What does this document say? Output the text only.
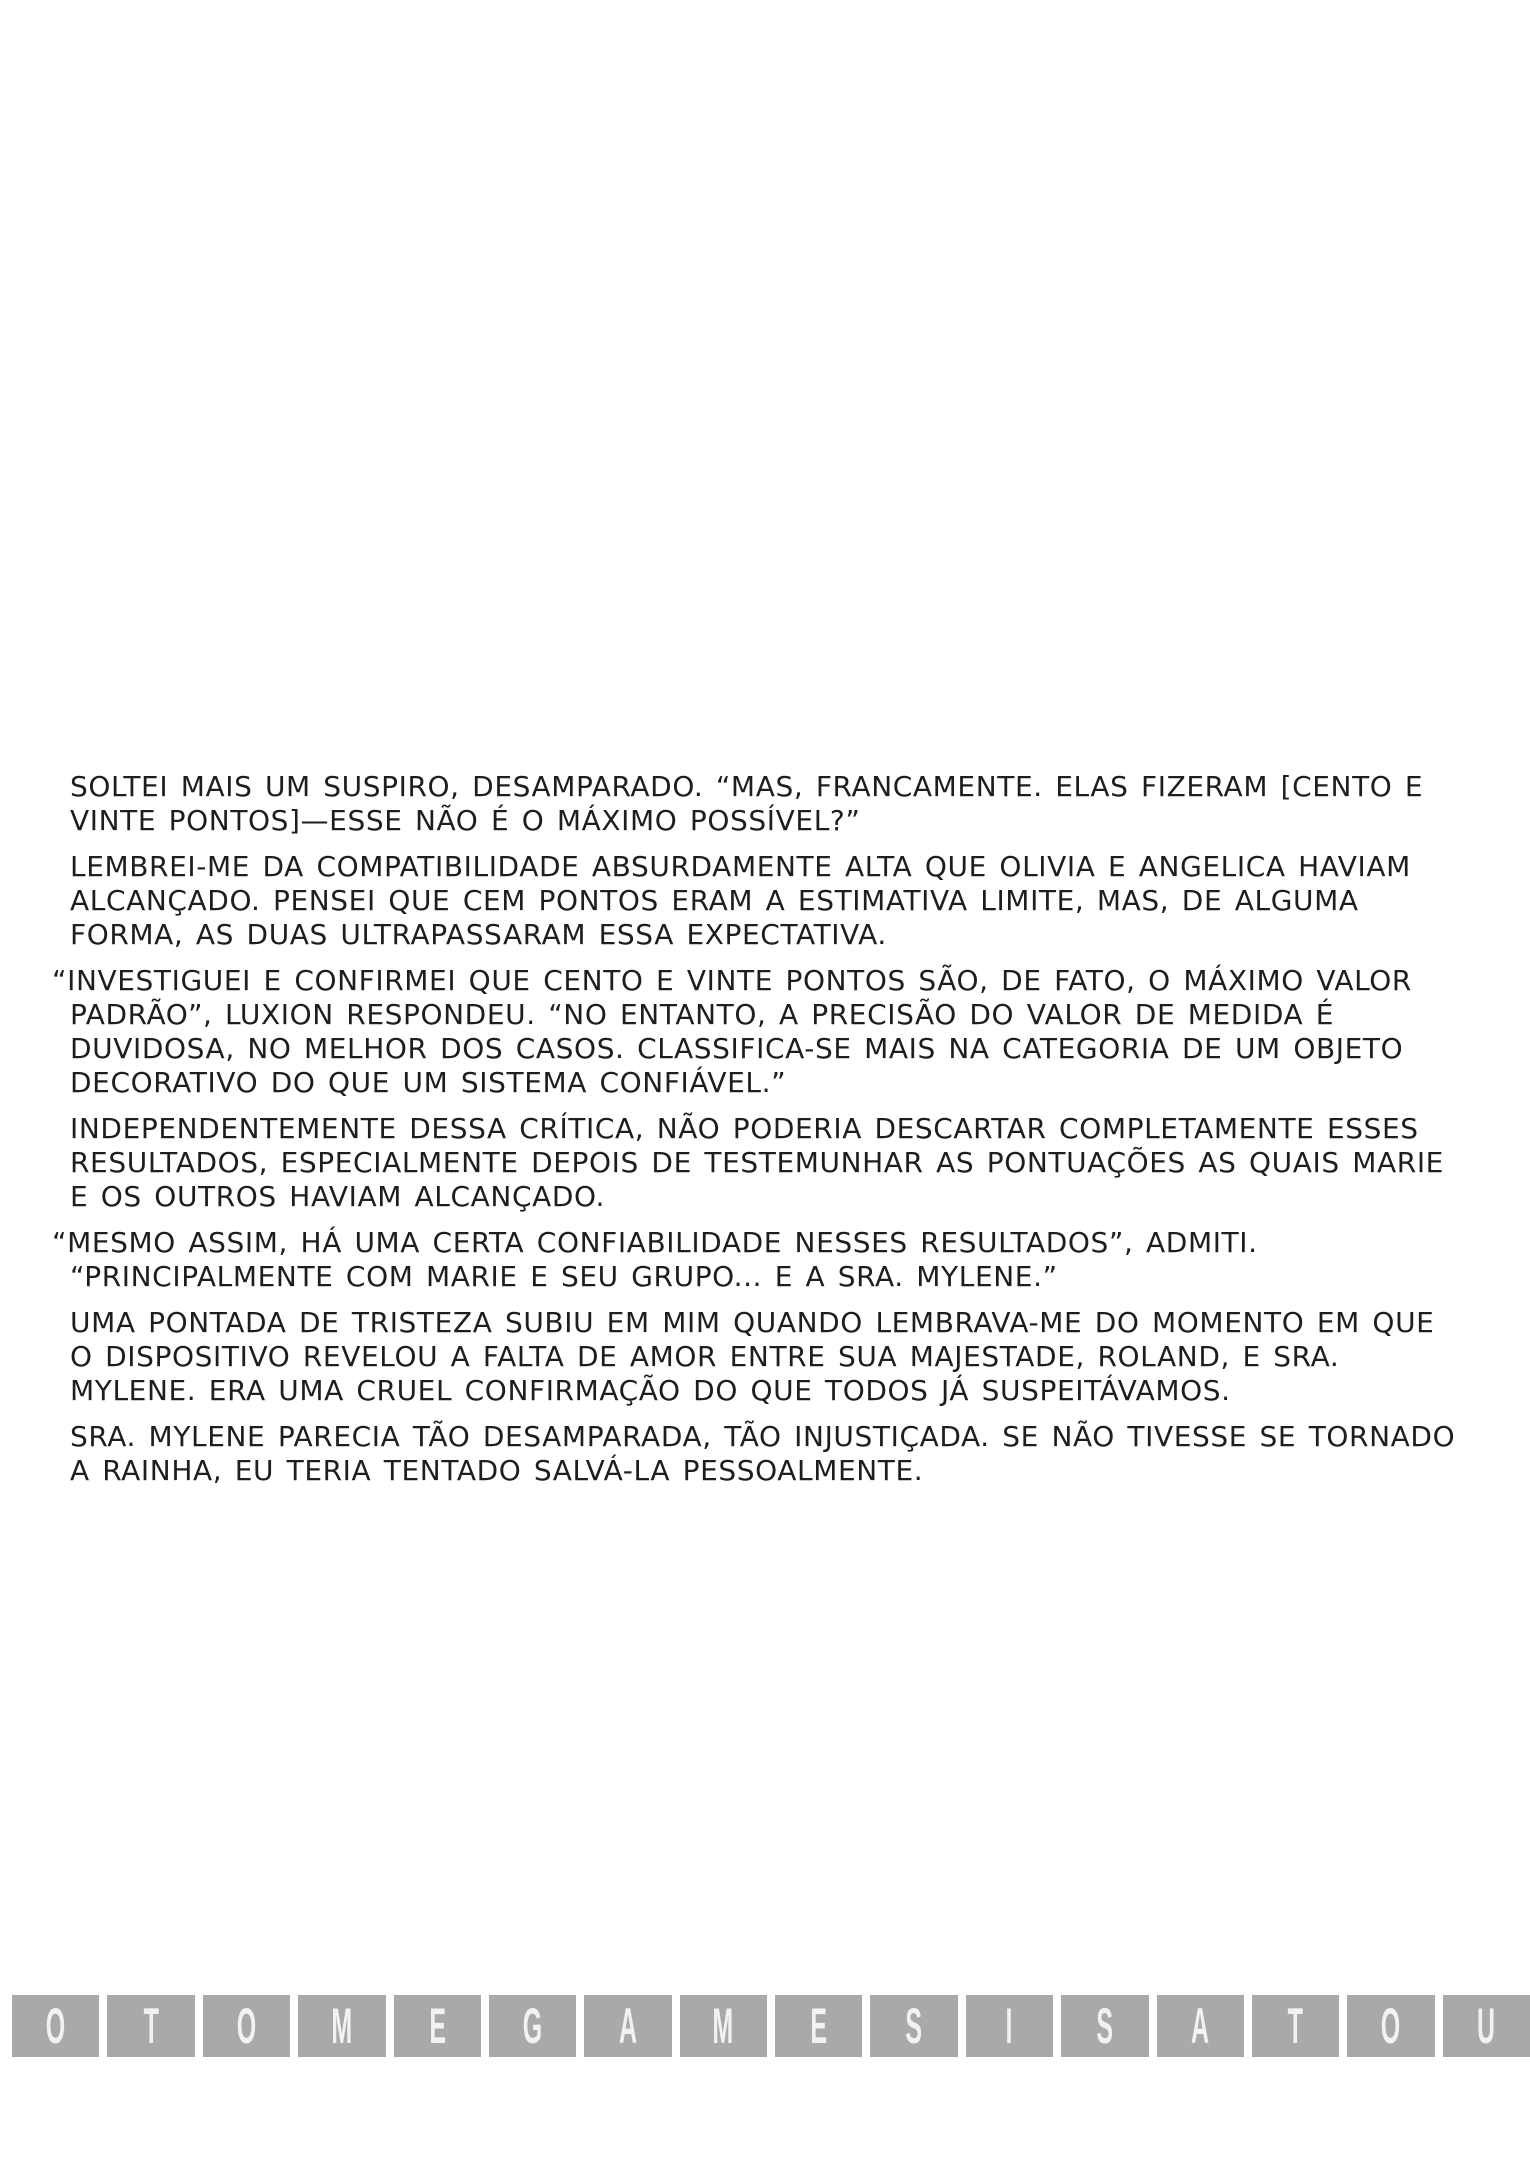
SOLTEI MAIS UM SUSPIRO, DESAMPARADO. “MAS, FRANCAMENTE. ELAS FIZERAM [CENTO E VINTE PONTOS]—ESSE NÃO É O MÁXIMO POSSÍVEL?”

LEMBREI-ME DA COMPATIBILIDADE ABSURDAMENTE ALTA QUE OLIVIA E ANGELICA HAVIAM ALCANÇADO. PENSEI QUE CEM PONTOS ERAM A ESTIMATIVA LIMITE, MAS, DE ALGUMA FORMA, AS DUAS ULTRAPASSARAM ESSA EXPECTATIVA.

“INVESTIGUEI E CONFIRMEI QUE CENTO E VINTE PONTOS SÃO, DE FATO, O MÁXIMO VALOR PADRÃO”, LUXION RESPONDEU. “NO ENTANTO, A PRECISÃO DO VALOR DE MEDIDA É DUVIDOSA, NO MELHOR DOS CASOS. CLASSIFICA-SE MAIS NA CATEGORIA DE UM OBJETO DECORATIVO DO QUE UM SISTEMA CONFIÁVEL.”

INDEPENDENTEMENTE DESSA CRÍTICA, NÃO PODERIA DESCARTAR COMPLETAMENTE ESSES RESULTADOS, ESPECIALMENTE DEPOIS DE TESTEMUNHAR AS PONTUAÇÕES AS QUAIS MARIE E OS OUTROS HAVIAM ALCANÇADO.

“MESMO ASSIM, HÁ UMA CERTA CONFIABILIDADE NESSES RESULTADOS”, ADMITI. “PRINCIPALMENTE COM MARIE E SEU GRUPO... E A SRA. MYLENE.”

UMA PONTADA DE TRISTEZA SUBIU EM MIM QUANDO LEMBRAVA-ME DO MOMENTO EM QUE O DISPOSITIVO REVELOU A FALTA DE AMOR ENTRE SUA MAJESTADE, ROLAND, E SRA. MYLENE. ERA UMA CRUEL CONFIRMAÇÃO DO QUE TODOS JÁ SUSPEITÁVAMOS.

SRA. MYLENE PARECIA TÃO DESAMPARADA, TÃO INJUSTIÇADA. SE NÃO TIVESSE SE TORNADO A RAINHA, EU TERIA TENTADO SALVÁ-LA PESSOALMENTE.

O T O M E G A M E S I S A T O U
